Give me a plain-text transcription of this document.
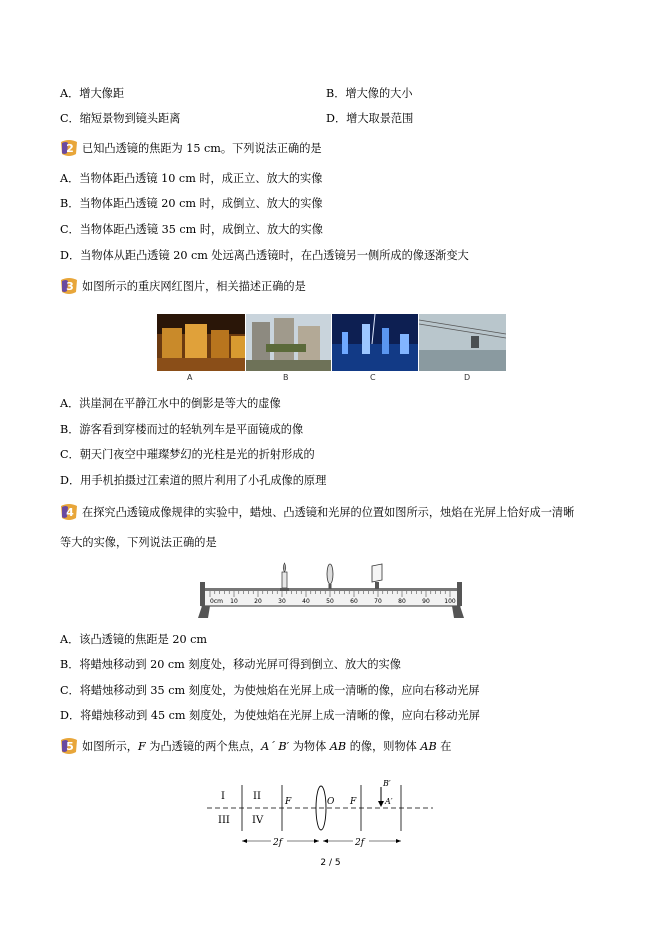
A．增大像距	B．增大像的大小
C．缩短景物到镜头距离	D．增大取景范围
2 已知凸透镜的焦距为 15 cm。下列说法正确的是
A．当物体距凸透镜 10 cm 时，成正立、放大的实像
B．当物体距凸透镜 20 cm 时，成倒立、放大的实像
C．当物体距凸透镜 35 cm 时，成倒立、放大的实像
D．当物体从距凸透镜 20 cm 处远离凸透镜时，在凸透镜另一侧所成的像逐渐变大
3 如图所示的重庆网红图片，相关描述正确的是
A	B	C	D
A．洪崖洞在平静江水中的倒影是等大的虚像
B．游客看到穿楼而过的轻轨列车是平面镜成的像
C．朝天门夜空中璀璨梦幻的光柱是光的折射形成的
D．用手机拍摄过江索道的照片利用了小孔成像的原理
4 在探究凸透镜成像规律的实验中，蜡烛、凸透镜和光屏的位置如图所示，烛焰在光屏上恰好成一清晰
等大的实像，下列说法正确的是
0cm 10	20	30	40	50	60	70	80	90 100
A．该凸透镜的焦距是 20 cm
B．将蜡烛移动到 20 cm 刻度处，移动光屏可得到倒立、放大的实像
C．将蜡烛移动到 35 cm 刻度处，为使烛焰在光屏上成一清晰的像，应向右移动光屏
D．将蜡烛移动到 45 cm 刻度处，为使烛焰在光屏上成一清晰的像，应向右移动光屏
5 如图所示，F 为凸透镜的两个焦点，A´ B′ 为物体 AB 的像，则物体 AB 在
I	II
III IV
F	O F
B′
A′
2f	2f
2 / 5
